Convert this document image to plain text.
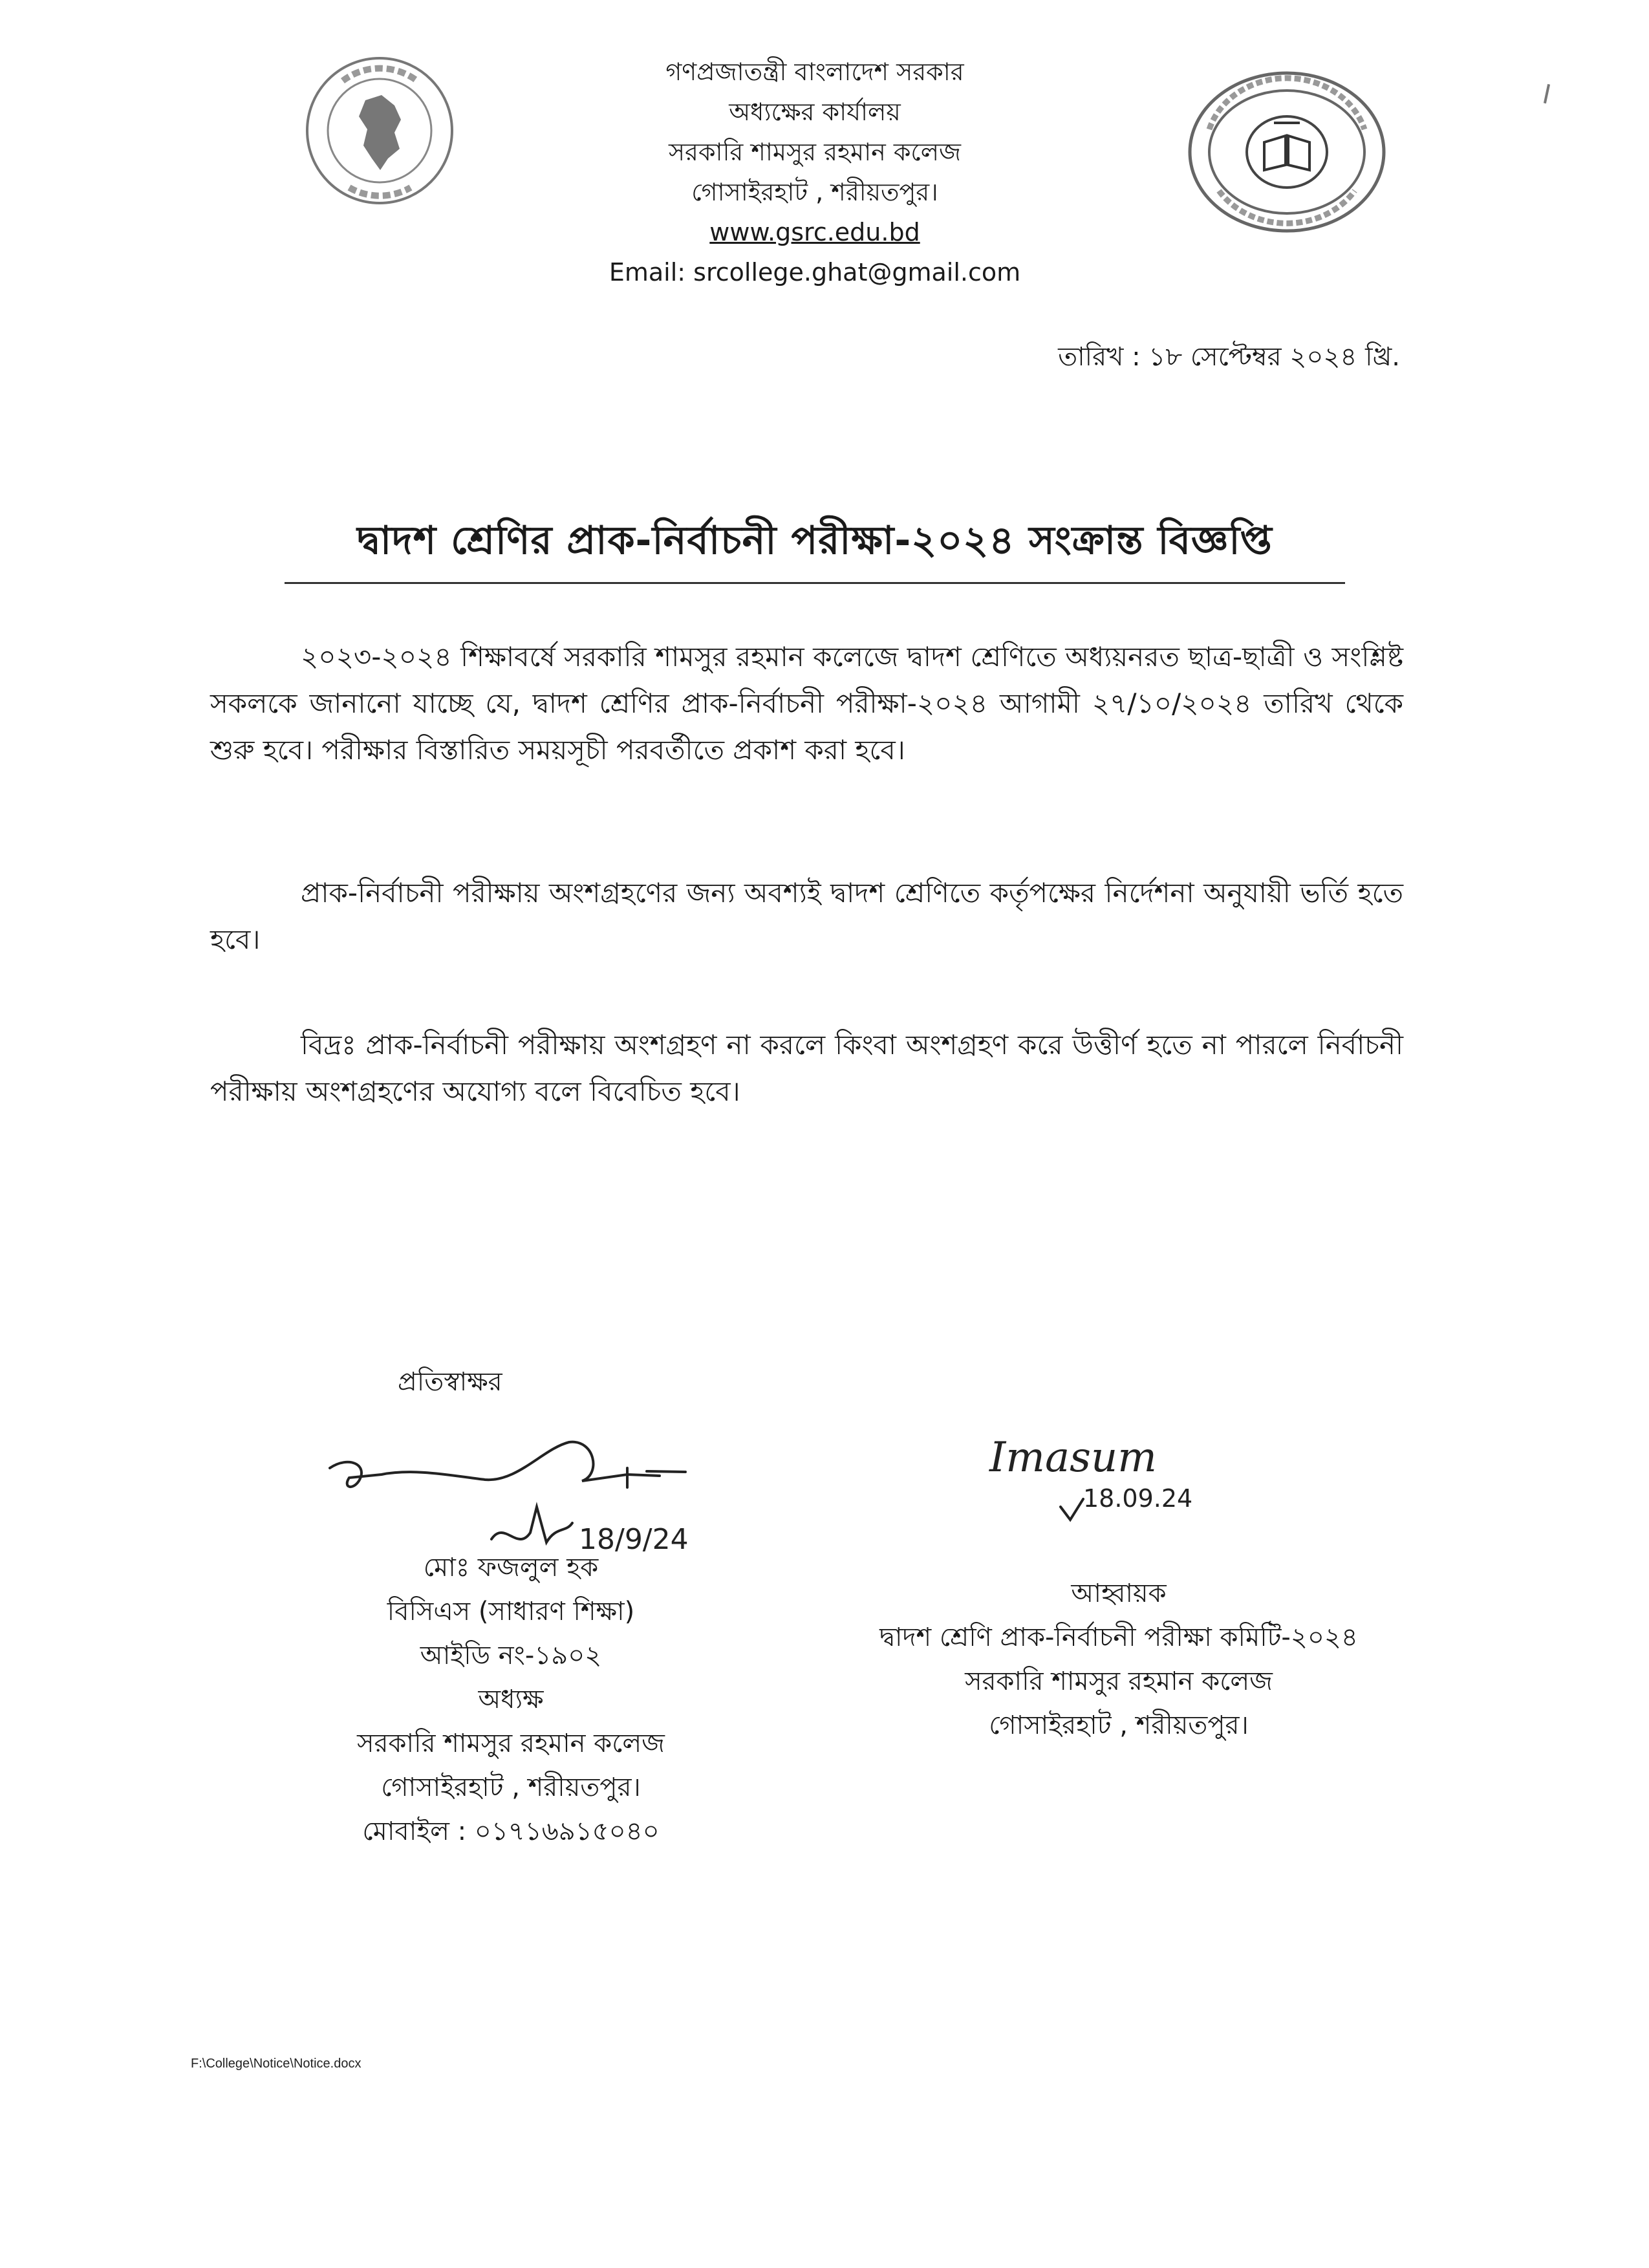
গণপ্রজাতন্ত্রী বাংলাদেশ সরকার
অধ্যক্ষের কার্যালয়
সরকারি শামসুর রহমান কলেজ
গোসাইরহাট , শরীয়তপুর।
www.gsrc.edu.bd
Email: srcollege.ghat@gmail.com
তারিখ : ১৮ সেপ্টেম্বর ২০২৪ খ্রি.
দ্বাদশ শ্রেণির প্রাক-নির্বাচনী পরীক্ষা-২০২৪ সংক্রান্ত বিজ্ঞপ্তি
২০২৩-২০২৪ শিক্ষাবর্ষে সরকারি শামসুর রহমান কলেজে দ্বাদশ শ্রেণিতে অধ্যয়নরত ছাত্র-ছাত্রী ও সংশ্লিষ্ট সকলকে জানানো যাচ্ছে যে, দ্বাদশ শ্রেণির প্রাক-নির্বাচনী পরীক্ষা-২০২৪ আগামী ২৭/১০/২০২৪ তারিখ থেকে শুরু হবে। পরীক্ষার বিস্তারিত সময়সূচী পরবর্তীতে প্রকাশ করা হবে।
প্রাক-নির্বাচনী পরীক্ষায় অংশগ্রহণের জন্য অবশ্যই দ্বাদশ শ্রেণিতে কর্তৃপক্ষের নির্দেশনা অনুযায়ী ভর্তি হতে হবে।
বিদ্রঃ প্রাক-নির্বাচনী পরীক্ষায় অংশগ্রহণ না করলে কিংবা অংশগ্রহণ করে উত্তীর্ণ হতে না পারলে নির্বাচনী পরীক্ষায় অংশগ্রহণের অযোগ্য বলে বিবেচিত হবে।
প্রতিস্বাক্ষর
18/9/24
Imasum
18.09.24
মোঃ ফজলুল হক
বিসিএস (সাধারণ শিক্ষা)
আইডি নং-১৯০২
অধ্যক্ষ
সরকারি শামসুর রহমান কলেজ
গোসাইরহাট , শরীয়তপুর।
মোবাইল : ০১৭১৬৯১৫০৪০
আহ্বায়ক
দ্বাদশ শ্রেণি প্রাক-নির্বাচনী পরীক্ষা কমিটি-২০২৪
সরকারি শামসুর রহমান কলেজ
গোসাইরহাট , শরীয়তপুর।
F:\College\Notice\Notice.docx
